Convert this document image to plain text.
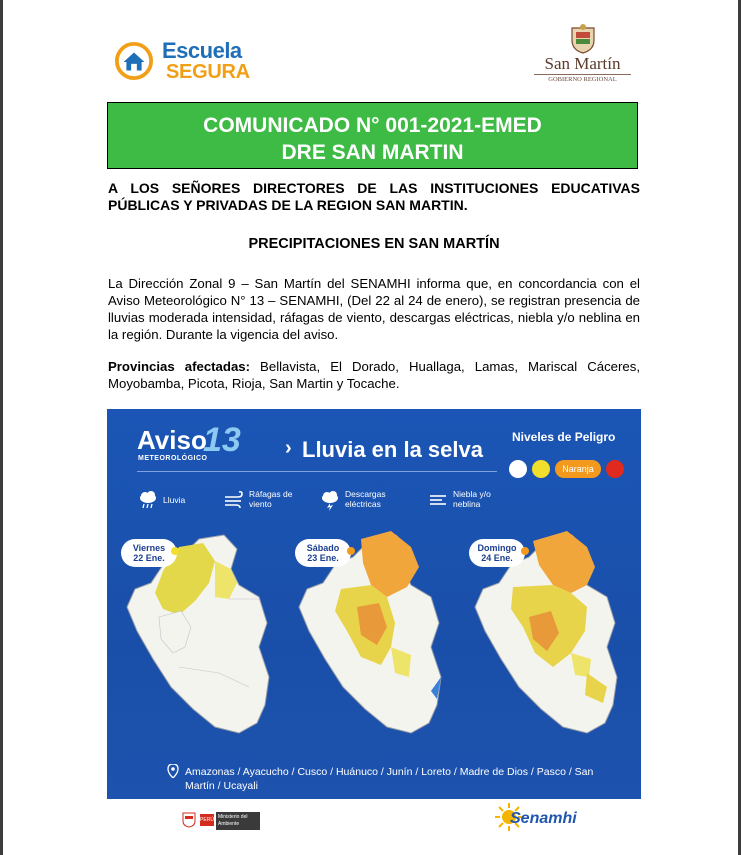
Escuela
SEGURA	San Martín
GOBIERNO REGIONAL
COMUNICADO N° 001-2021-EMED
DRE SAN MARTIN
A LOS SEÑORES DIRECTORES DE LAS INSTITUCIONES EDUCATIVAS PÚBLICAS Y PRIVADAS DE LA REGION SAN MARTIN.
PRECIPITACIONES EN SAN MARTÍN
La Dirección Zonal 9 – San Martín del SENAMHI informa que, en concordancia con el Aviso Meteorológico N° 13 – SENAMHI, (Del 22 al 24 de enero), se registran presencia de lluvias moderada intensidad, ráfagas de viento, descargas eléctricas, niebla y/o neblina en la región. Durante la vigencia del aviso.
Provincias afectadas: Bellavista, El Dorado, Huallaga, Lamas, Mariscal Cáceres, Moyobamba, Picota, Rioja, San Martin y Tocache.
Aviso
13
METEOROLÓGICO	› Lluvia en la selva Niveles de Peligro
Naranja
Lluvia
Ráfagas de viento
Descargas eléctricas
Niebla y/o neblina
Viernes
22 Ene.
Sábado
23 Ene.
Domingo
24 Ene.
Amazonas / Ayacucho / Cusco / Huánuco / Junín / Loreto / Madre de Dios / Pasco / San Martín / Ucayali
PERÚ Ministerio del Ambiente	Senamhi
